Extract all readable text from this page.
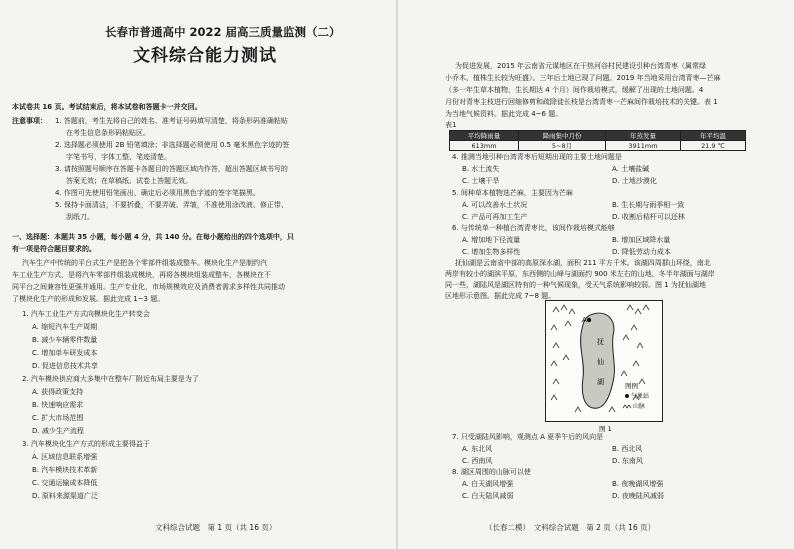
长春市普通高中 2022 届高三质量监测（二）
文科综合能力测试
本试卷共 16 页。考试结束后，将本试卷和答题卡一并交回。
注意事项： 1. 答题前，考生先将自己的姓名、准考证号码填写清楚，将条形码准确粘贴
在考生信息条形码粘贴区。
2. 选择题必须使用 2B 铅笔填涂；非选择题必须使用 0.5 毫米黑色字迹的签
字笔书写，字体工整、笔迹清楚。
3. 请按照题号顺序在答题卡各题目的答题区域内作答，超出答题区域书写的
答案无效；在草稿纸、试卷上答题无效。
4. 作图可先使用铅笔画出，确定后必须用黑色字迹的签字笔描黑。
5. 保持卡面清洁，不要折叠，不要弄破、弄皱，不准使用涂改液、修正带、
刮纸刀。
一、选择题：本题共 35 小题，每小题 4 分，共 140 分。在每小题给出的四个选项中，只
有一项是符合题目要求的。
汽车生产中传统的平台式生产是把各个零部件组装成整车。模块化生产是制约汽
车工业生产方式，是将汽车零部件组装成模块，再将各模块组装成整车，各模块在不
同平台之间兼容性更强并通用。生产专业化，市场规模效应及消费者需求多样性共同推动
了模块化生产的形成和发展。据此完成 1~3 题。
1. 汽车工业生产方式向模块化生产转变会
A. 缩短汽车生产周期
B. 减少车辆零件数量
C. 增加单车研发成本
D. 促进信息技术共享
2. 汽车模块供应商大多集中在整车厂附近布局主要是为了
A. 获得政策支持
B. 快速响应需求
C. 扩大市场范围
D. 减少生产流程
3. 汽车模块化生产方式的形成主要得益于
A. 区域信息联系增强
B. 汽车模块技术革新
C. 交通运输成本降低
D. 原料来源渠道广泛
文科综合试题　第 1 页（共 16 页）
为促进发展，2015 年云南省元谋地区在干热河谷村民建设引种台湾青枣（属常绿
小乔木，植株生长较为旺盛）。三年后土地已现了问题。2019 年当地采用台湾青枣—芒麻
（多一年生草本植物，生长期达 4 个月）间作栽培模式，缓解了出现的土地问题。4
月份对青枣主枝进行回缩修剪和疏除徒长枝是台湾青枣一芒麻间作栽培技术的关键。表 1
为当地气候资料。据此完成 4~6 题。
表1
平均降雨量	降雨集中月份	年蒸发量	年平均温
613mm	5~8月	3911mm	21.9 ℃
4. 推测当地引种台湾青枣后短期出现的主要土地问题是
B. 水土流失	A. 土壤盐碱
C. 土壤干旱	D. 土地沙漠化
5. 间种草本植物选芒麻，主要因为芒麻
A. 可以改善水土状况	B. 生长期与雨季相一致
C. 产品可再加工生产	D. 收割后秸杆可以还林
6. 与传统单一种植台湾青枣比，该间作栽培模式能够
A. 增加地下径流量	B. 增加区域降水量
C. 增加生物多样性	D. 降低劳动力成本
抚仙湖是云南省中部的高原深水湖，面积 211 平方千米。该湖四周群山环绕，南北
两岸有较小的湖滨平原，东西侧的山峰与湖面约 900 米左右的山地，冬半年湖面与湖岸
同一些，湖陆风是湖区特有的一种气候现象，受天气系统影响较弱。图 1 为抚仙湖地
区地形示意图。据此完成 7~8 题。
A
抚
仙
湖	图例
气象站
山脉
图 1
7. 只受湖陆风影响，观测点 A 夏季午后的风向是
A. 东北风	B. 西北风
C. 西南风	D. 东南风
8. 湖区周围的山脉可以使
A. 白天湖风增强	B. 夜晚湖风增强
C. 白天陆风减弱	D. 夜晚陆风减弱
（长春二模）　文科综合试题　第 2 页（共 16 页）
